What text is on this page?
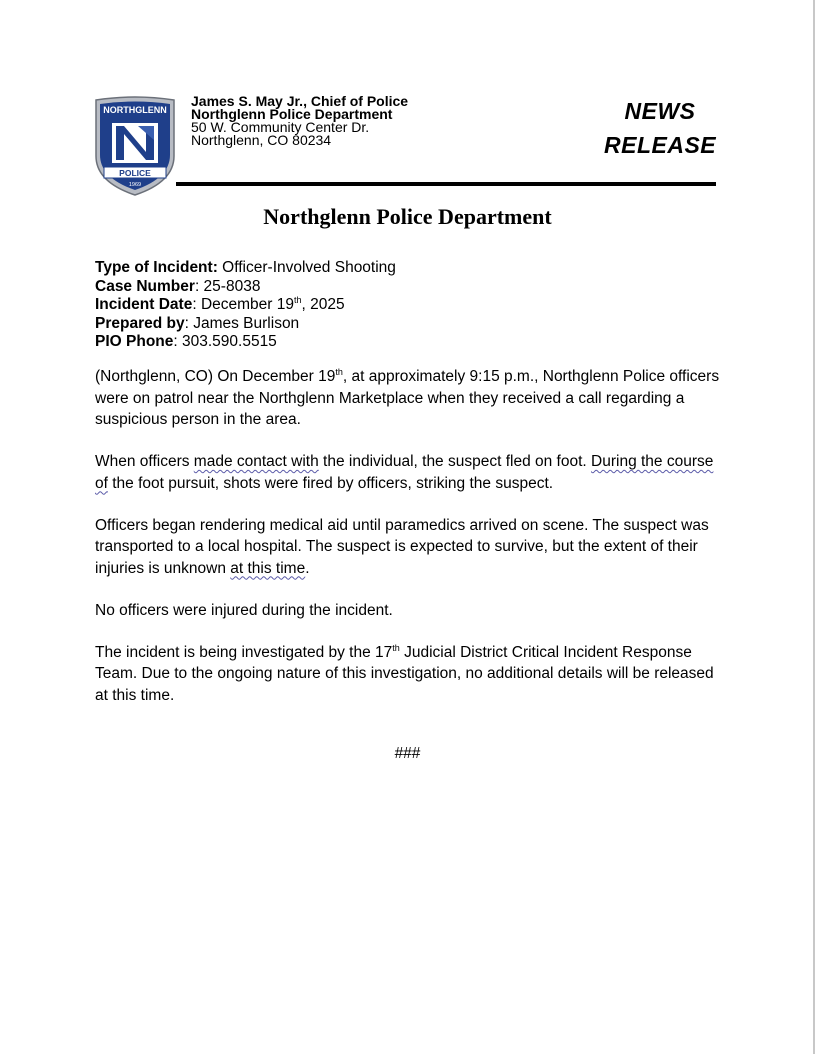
NORTHGLENN
POLICE
1969
James S. May Jr., Chief of Police
Northglenn Police Department
50 W. Community Center Dr.
Northglenn, CO 80234
NEWS
RELEASE
Northglenn Police Department
Type of Incident: Officer-Involved Shooting
Case Number: 25-8038
Incident Date: December 19th, 2025
Prepared by: James Burlison
PIO Phone: 303.590.5515

(Northglenn, CO) On December 19th, at approximately 9:15 p.m., Northglenn Police officers were on patrol near the Northglenn Marketplace when they received a call regarding a suspicious person in the area.

When officers made contact with the individual, the suspect fled on foot. During the course of the foot pursuit, shots were fired by officers, striking the suspect.

Officers began rendering medical aid until paramedics arrived on scene. The suspect was transported to a local hospital. The suspect is expected to survive, but the extent of their injuries is unknown at this time.

No officers were injured during the incident.

The incident is being investigated by the 17th Judicial District Critical Incident Response Team. Due to the ongoing nature of this investigation, no additional details will be released at this time.

###
